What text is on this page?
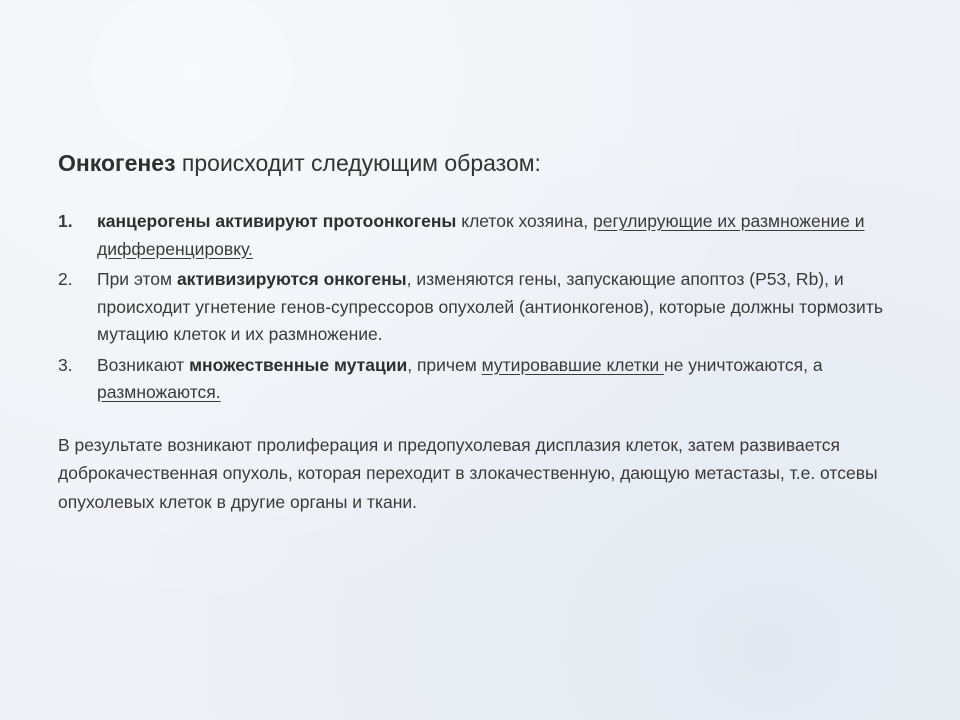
Онкогенез происходит следующим образом:

1. канцерогены активируют протоонкогены клеток хозяина, регулирующие их размножение и дифференцировку.
2. При этом активизируются онкогены, изменяются гены, запускающие апоптоз (P53, Rb), и происходит угнетение генов-супрессоров опухолей (антионкогенов), которые должны тормозить мутацию клеток и их размножение.
3. Возникают множественные мутации, причем мутировавшие клетки не уничтожаются, а размножаются.

В результате возникают пролиферация и предопухолевая дисплазия клеток, затем развивается доброкачественная опухоль, которая переходит в злокачественную, дающую метастазы, т.е. отсевы опухолевых клеток в другие органы и ткани.
